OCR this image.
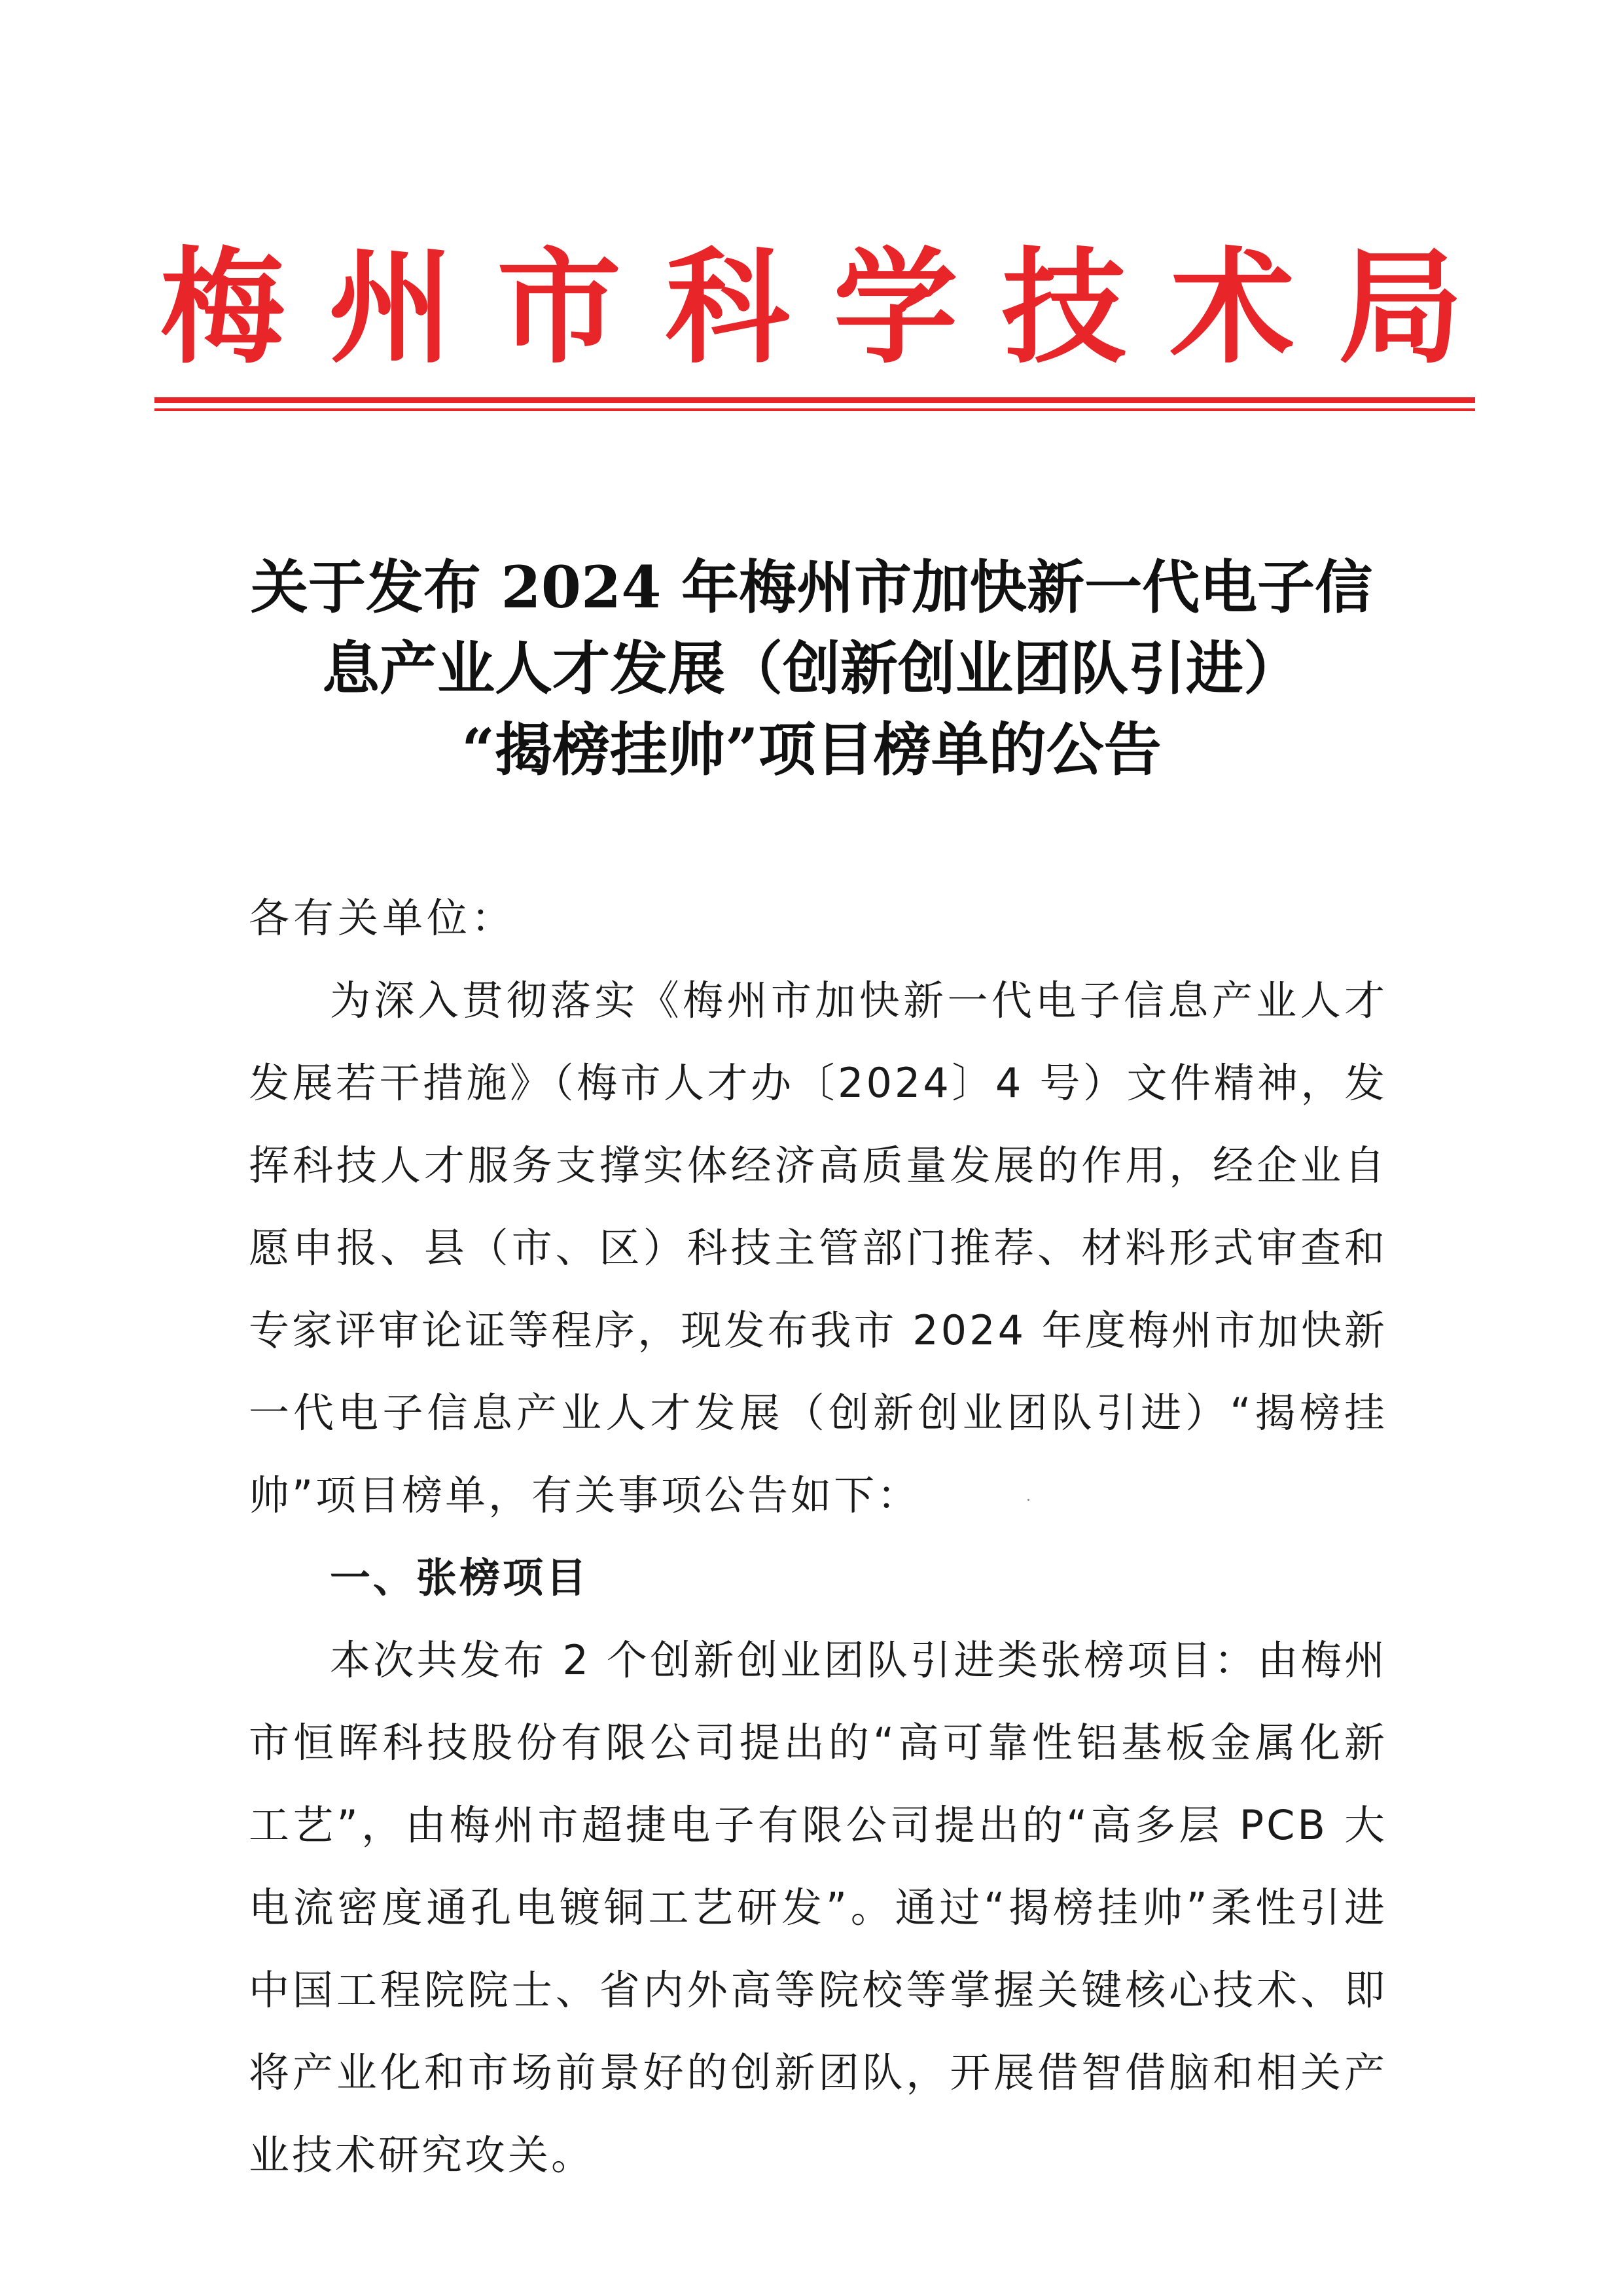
梅 州 市 科 学 技 术 局
关于发布 2024 年梅州市加快新一代电子信
息产业人才发展（创新创业团队引进）
“揭榜挂帅”项目榜单的公告

各有关单位：

为深入贯彻落实《梅州市加快新一代电子信息产业人才发展若干措施》（梅市人才办〔2024〕4 号）文件精神，发挥科技人才服务支撑实体经济高质量发展的作用，经企业自愿申报、县（市、区）科技主管部门推荐、材料形式审查和专家评审论证等程序，现发布我市 2024 年度梅州市加快新一代电子信息产业人才发展（创新创业团队引进）“揭榜挂帅”项目榜单，有关事项公告如下：

一、张榜项目

本次共发布 2 个创新创业团队引进类张榜项目：由梅州市恒晖科技股份有限公司提出的“高可靠性铝基板金属化新工艺”，由梅州市超捷电子有限公司提出的“高多层 PCB 大电流密度通孔电镀铜工艺研发”。通过“揭榜挂帅”柔性引进中国工程院院士、省内外高等院校等掌握关键核心技术、即将产业化和市场前景好的创新团队，开展借智借脑和相关产业技术研究攻关。
